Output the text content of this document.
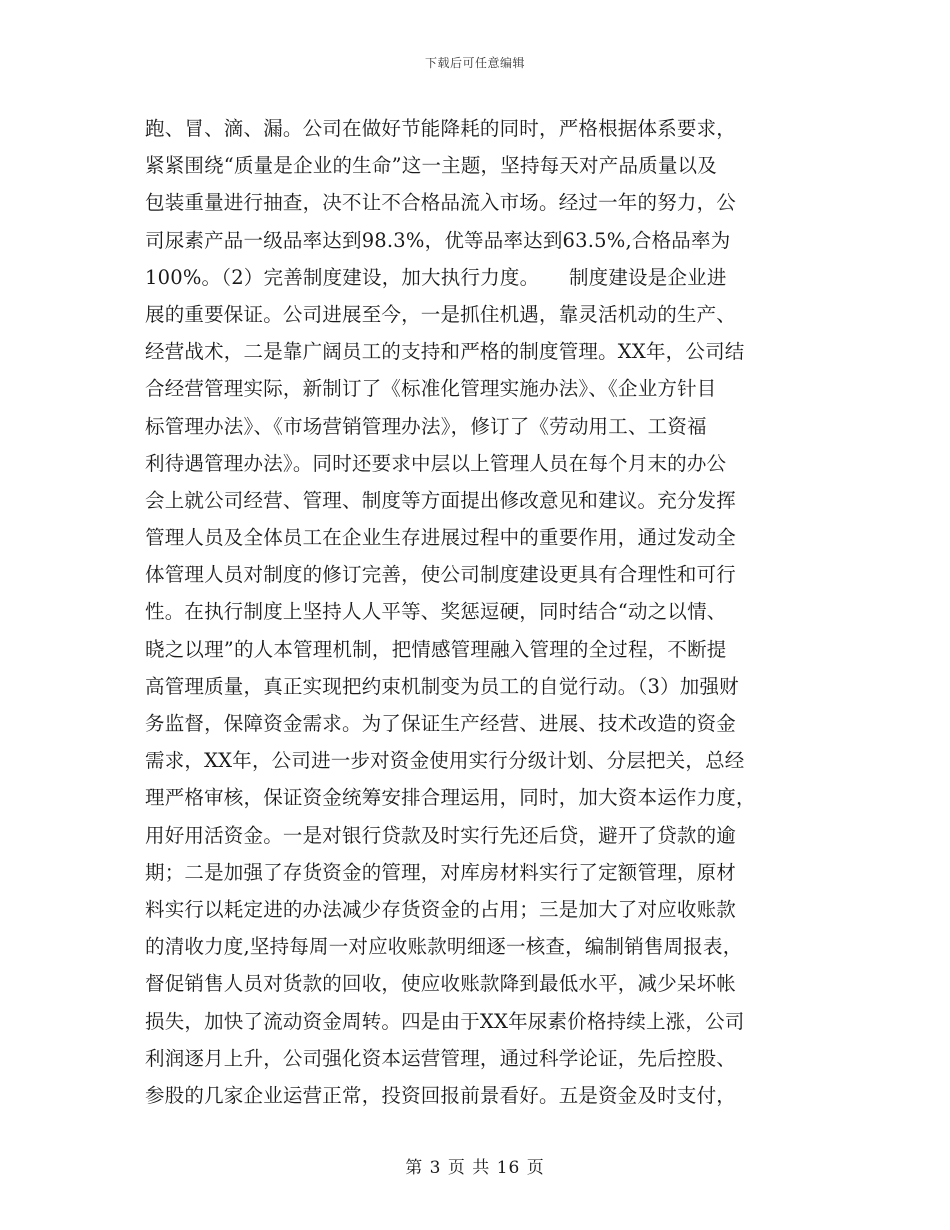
下载后可任意编辑
跑、冒、滴、漏。公司在做好节能降耗的同时，严格根据体系要求，
紧紧围绕“质量是企业的生命”这一主题，坚持每天对产品质量以及
包装重量进行抽查，决不让不合格品流入市场。经过一年的努力，公
司尿素产品一级品率达到98.3%，优等品率达到63.5%,合格品率为
100%。（2）完善制度建设，加大执行力度。　　制度建设是企业进
展的重要保证。公司进展至今，一是抓住机遇，靠灵活机动的生产、
经营战术，二是靠广阔员工的支持和严格的制度管理。XX年，公司结
合经营管理实际，新制订了《标准化管理实施办法》、《企业方针目
标管理办法》、《市场营销管理办法》，修订了《劳动用工、工资福
利待遇管理办法》。同时还要求中层以上管理人员在每个月末的办公
会上就公司经营、管理、制度等方面提出修改意见和建议。充分发挥
管理人员及全体员工在企业生存进展过程中的重要作用，通过发动全
体管理人员对制度的修订完善，使公司制度建设更具有合理性和可行
性。在执行制度上坚持人人平等、奖惩逗硬，同时结合“动之以情、
晓之以理”的人本管理机制，把情感管理融入管理的全过程，不断提
高管理质量，真正实现把约束机制变为员工的自觉行动。（3）加强财
务监督，保障资金需求。为了保证生产经营、进展、技术改造的资金
需求，XX年，公司进一步对资金使用实行分级计划、分层把关，总经
理严格审核，保证资金统筹安排合理运用，同时，加大资本运作力度，
用好用活资金。一是对银行贷款及时实行先还后贷，避开了贷款的逾
期；二是加强了存货资金的管理，对库房材料实行了定额管理，原材
料实行以耗定进的办法减少存货资金的占用；三是加大了对应收账款
的清收力度,坚持每周一对应收账款明细逐一核查，编制销售周报表，
督促销售人员对货款的回收，使应收账款降到最低水平，减少呆坏帐
损失，加快了流动资金周转。四是由于XX年尿素价格持续上涨，公司
利润逐月上升，公司强化资本运营管理，通过科学论证，先后控股、
参股的几家企业运营正常，投资回报前景看好。五是资金及时支付，
第 3 页 共 16 页
